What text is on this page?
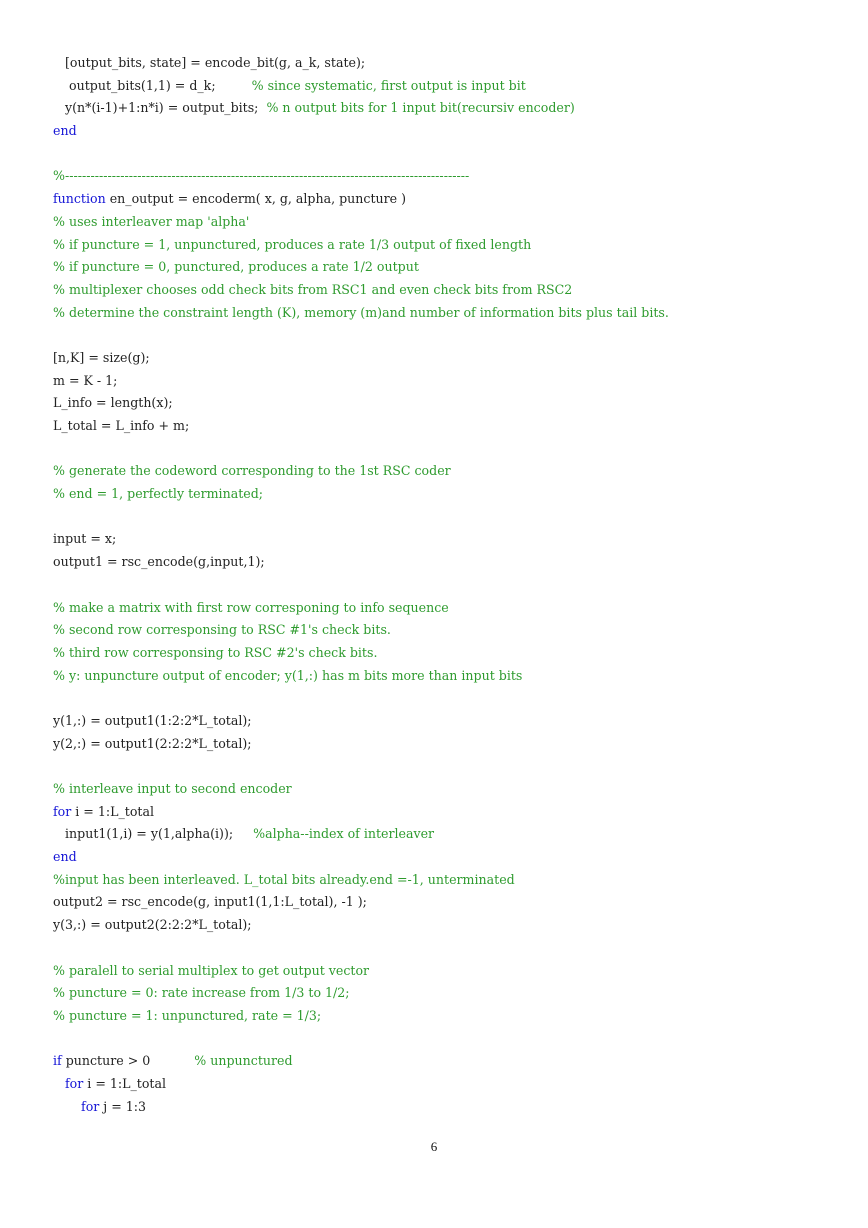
[output_bits, state] = encode_bit(g, a_k, state);
output_bits(1,1) = d_k;         % since systematic, first output is input bit
y(n*(i-1)+1:n*i) = output_bits;  % n output bits for 1 input bit(recursiv encoder)
end

%-----------------------------------------------------------------------------------------------
function en_output = encoderm( x, g, alpha, puncture )
% uses interleaver map 'alpha'
% if puncture = 1, unpunctured, produces a rate 1/3 output of fixed length
% if puncture = 0, punctured, produces a rate 1/2 output
% multiplexer chooses odd check bits from RSC1 and even check bits from RSC2
% determine the constraint length (K), memory (m)and number of information bits plus tail bits.

[n,K] = size(g);
m = K - 1;
L_info = length(x);
L_total = L_info + m;

% generate the codeword corresponding to the 1st RSC coder
% end = 1, perfectly terminated;

input = x;
output1 = rsc_encode(g,input,1);

% make a matrix with first row corresponing to info sequence
% second row corresponsing to RSC #1's check bits.
% third row corresponsing to RSC #2's check bits.
% y: unpuncture output of encoder; y(1,:) has m bits more than input bits

y(1,:) = output1(1:2:2*L_total);
y(2,:) = output1(2:2:2*L_total);

% interleave input to second encoder
for i = 1:L_total
input1(1,i) = y(1,alpha(i));     %alpha--index of interleaver
end
%input has been interleaved. L_total bits already.end =-1, unterminated
output2 = rsc_encode(g, input1(1,1:L_total), -1 );
y(3,:) = output2(2:2:2*L_total);

% paralell to serial multiplex to get output vector
% puncture = 0: rate increase from 1/3 to 1/2;
% puncture = 1: unpunctured, rate = 1/3;

if puncture > 0           % unpunctured
for i = 1:L_total
for j = 1:3
6
